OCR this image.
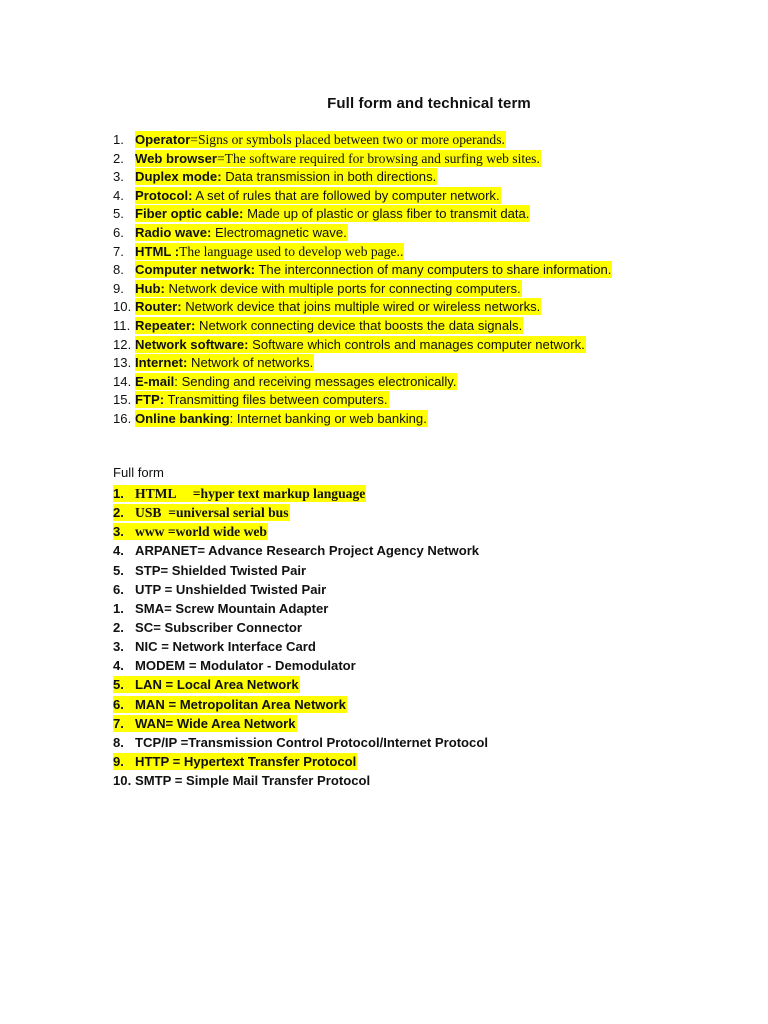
Full form and technical term
1. Operator=Signs or symbols placed between two or more operands.
2. Web browser=The software required for browsing and surfing web sites.
3. Duplex mode: Data transmission in both directions.
4. Protocol: A set of rules that are followed by computer network.
5. Fiber optic cable: Made up of plastic or glass fiber to transmit data.
6. Radio wave: Electromagnetic wave.
7. HTML :The language used to develop web page..
8. Computer network: The interconnection of many computers to share information.
9. Hub: Network device with multiple ports for connecting computers.
10. Router: Network device that joins multiple wired or wireless networks.
11. Repeater: Network connecting device that boosts the data signals.
12. Network software: Software which controls and manages computer network.
13. Internet: Network of networks.
14. E-mail: Sending and receiving messages electronically.
15. FTP: Transmitting files between computers.
16. Online banking: Internet banking or web banking.
Full form
1. HTML     =hyper text markup language
2. USB  =universal serial bus
3. www =world wide web
4. ARPANET= Advance Research Project Agency Network
5. STP= Shielded Twisted Pair
6. UTP = Unshielded Twisted Pair
1. SMA= Screw Mountain Adapter
2. SC= Subscriber Connector
3. NIC = Network Interface Card
4. MODEM = Modulator - Demodulator
5. LAN = Local Area Network
6. MAN = Metropolitan Area Network
7. WAN= Wide Area Network
8. TCP/IP =Transmission Control Protocol/Internet Protocol
9. HTTP = Hypertext Transfer Protocol
10. SMTP = Simple Mail Transfer Protocol
